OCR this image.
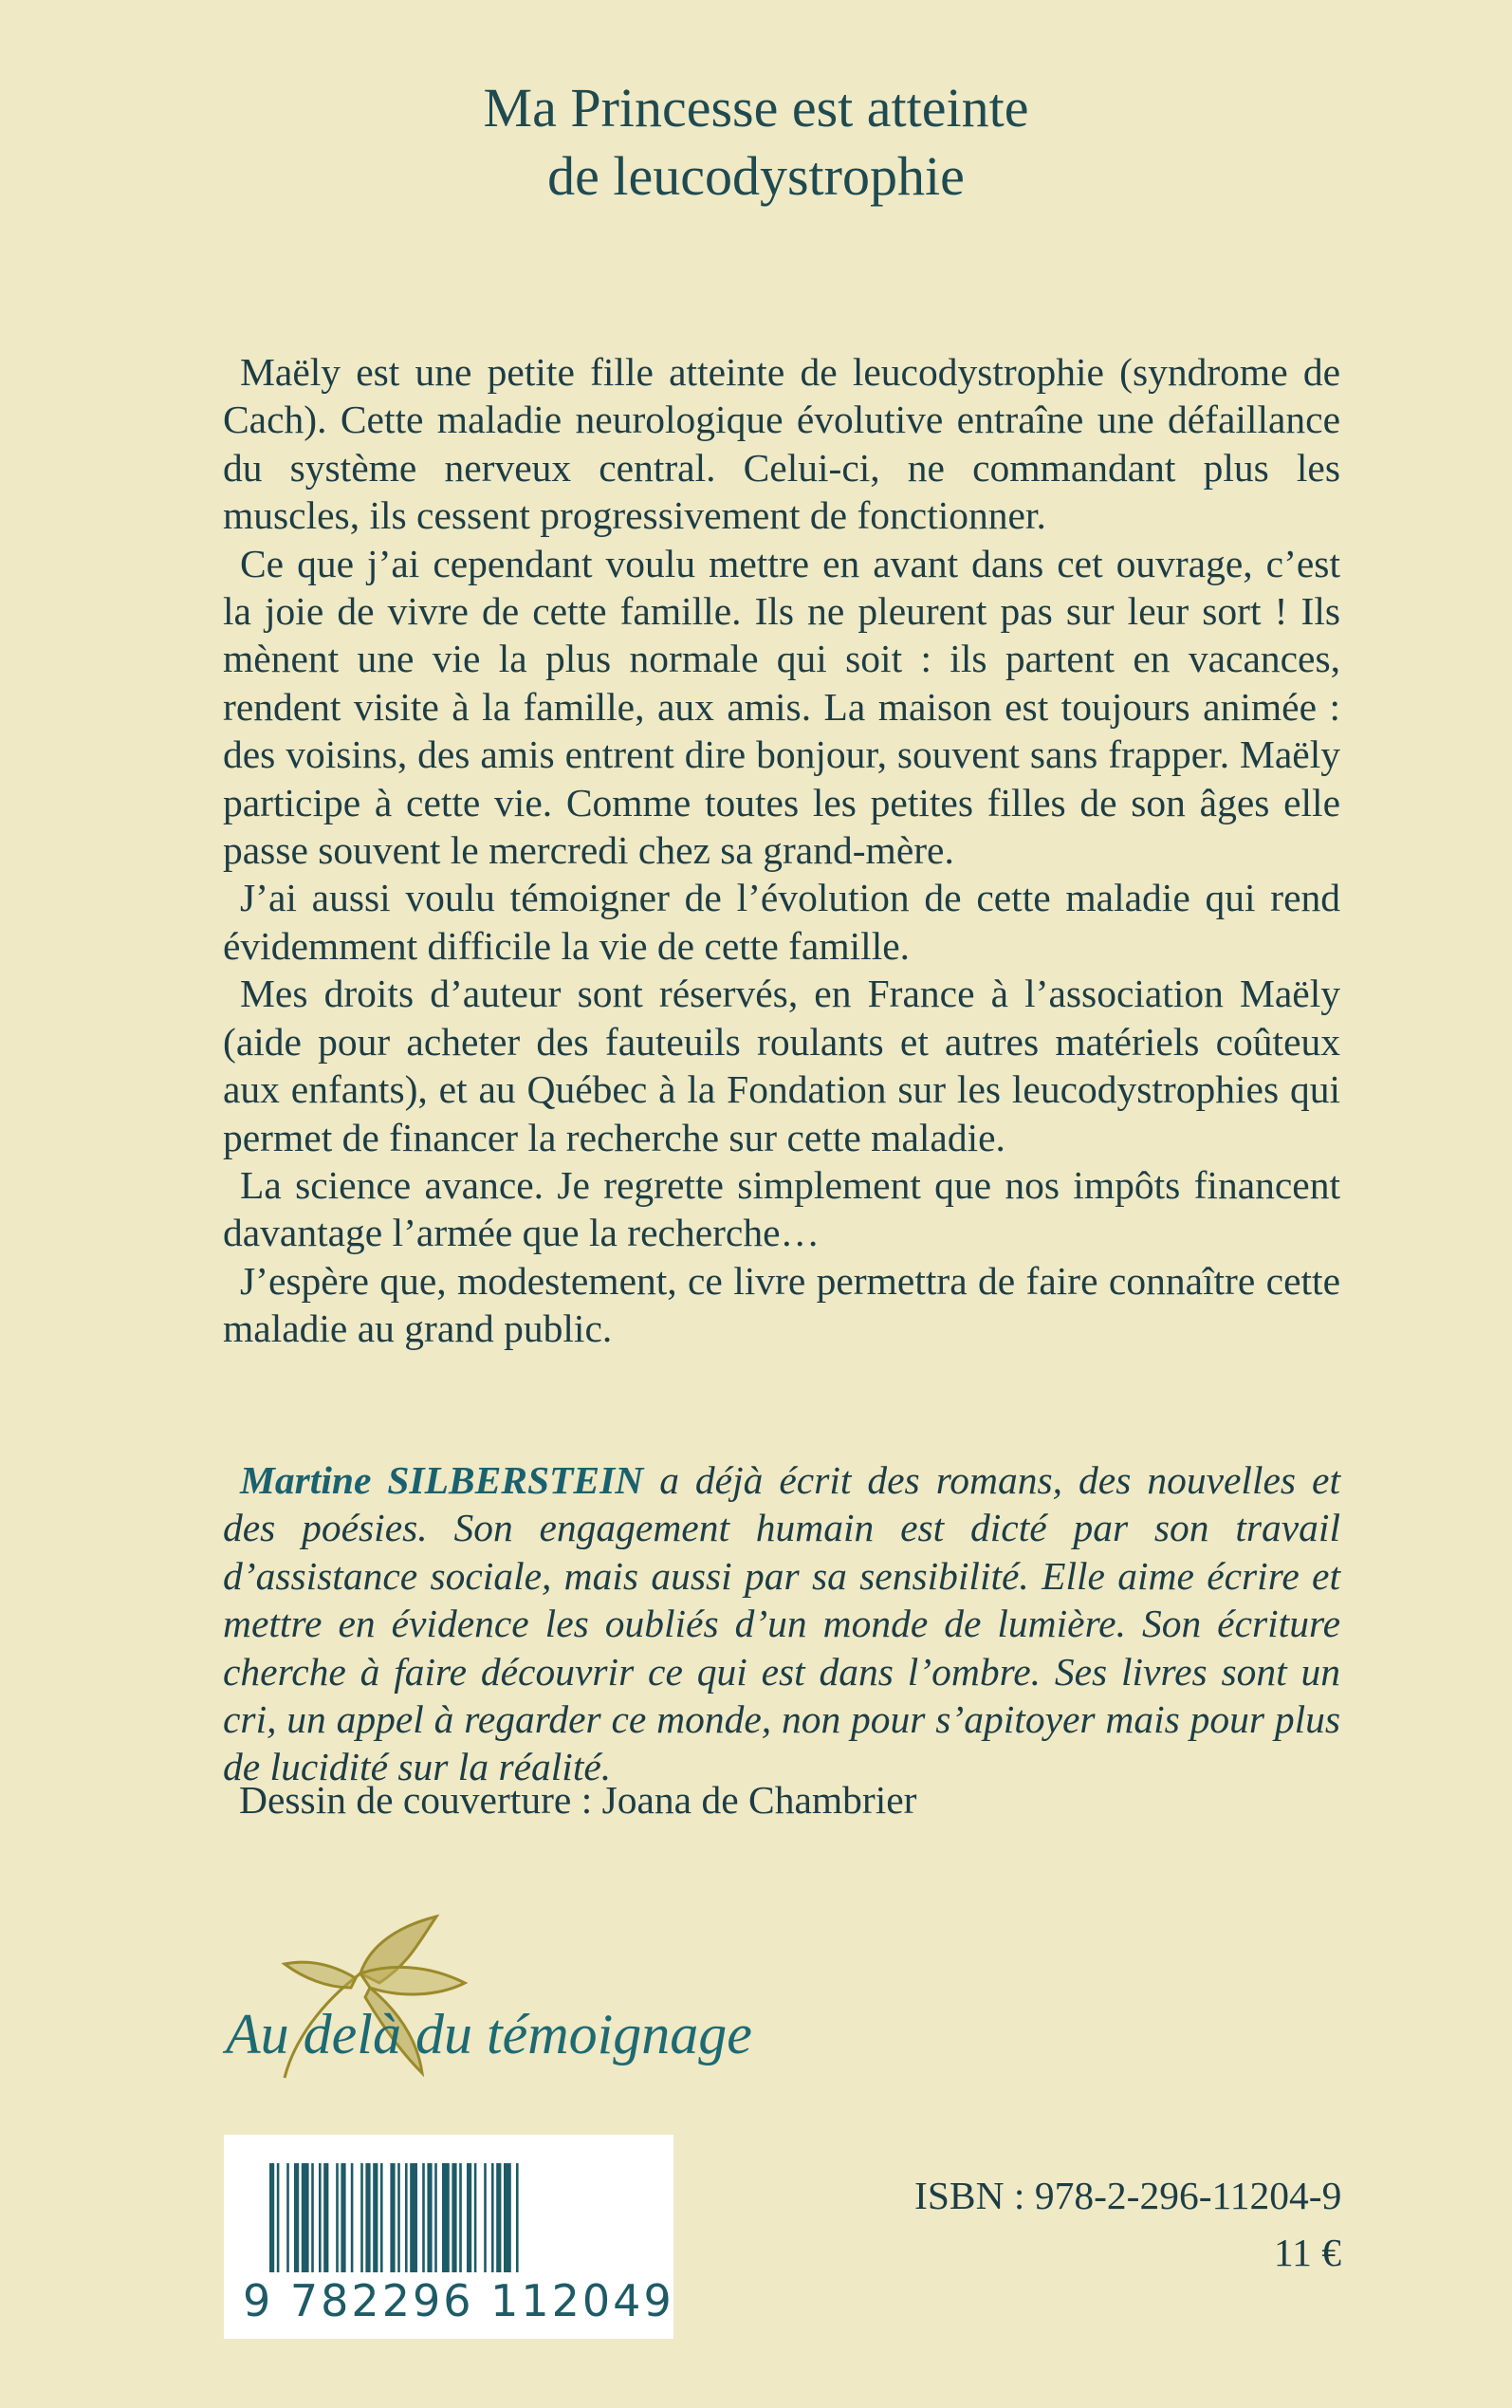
Ma Princesse est atteinte
de leucodystrophie

Maëly est une petite fille atteinte de leucodystrophie (syndrome de Cach). Cette maladie neurologique évolutive entraîne une défaillance du système nerveux central. Celui-ci, ne commandant plus les muscles, ils cessent progressivement de fonctionner.

Ce que j’ai cependant voulu mettre en avant dans cet ouvrage, c’est la joie de vivre de cette famille. Ils ne pleurent pas sur leur sort ! Ils mènent une vie la plus normale qui soit : ils partent en vacances, rendent visite à la famille, aux amis. La maison est toujours animée : des voisins, des amis entrent dire bonjour, souvent sans frapper. Maëly participe à cette vie. Comme toutes les petites filles de son âges elle passe souvent le mercredi chez sa grand-mère.

J’ai aussi voulu témoigner de l’évolution de cette maladie qui rend évidemment difficile la vie de cette famille.

Mes droits d’auteur sont réservés, en France à l’association Maëly (aide pour acheter des fauteuils roulants et autres matériels coûteux aux enfants), et au Québec à la Fondation sur les leucodystrophies qui permet de financer la recherche sur cette maladie.

La science avance. Je regrette simplement que nos impôts financent davantage l’armée que la recherche…

J’espère que, modestement, ce livre permettra de faire connaître cette maladie au grand public.

Martine SILBERSTEIN a déjà écrit des romans, des nouvelles et des poésies. Son engagement humain est dicté par son travail d’assistance sociale, mais aussi par sa sensibilité. Elle aime écrire et mettre en évidence les oubliés d’un monde de lumière. Son écriture cherche à faire découvrir ce qui est dans l’ombre. Ses livres sont un cri, un appel à regarder ce monde, non pour s’apitoyer mais pour plus de lucidité sur la réalité.

Dessin de couverture : Joana de Chambrier
Au delà du témoignage
9 782296 112049
ISBN : 978-2-296-11204-9
11 €
